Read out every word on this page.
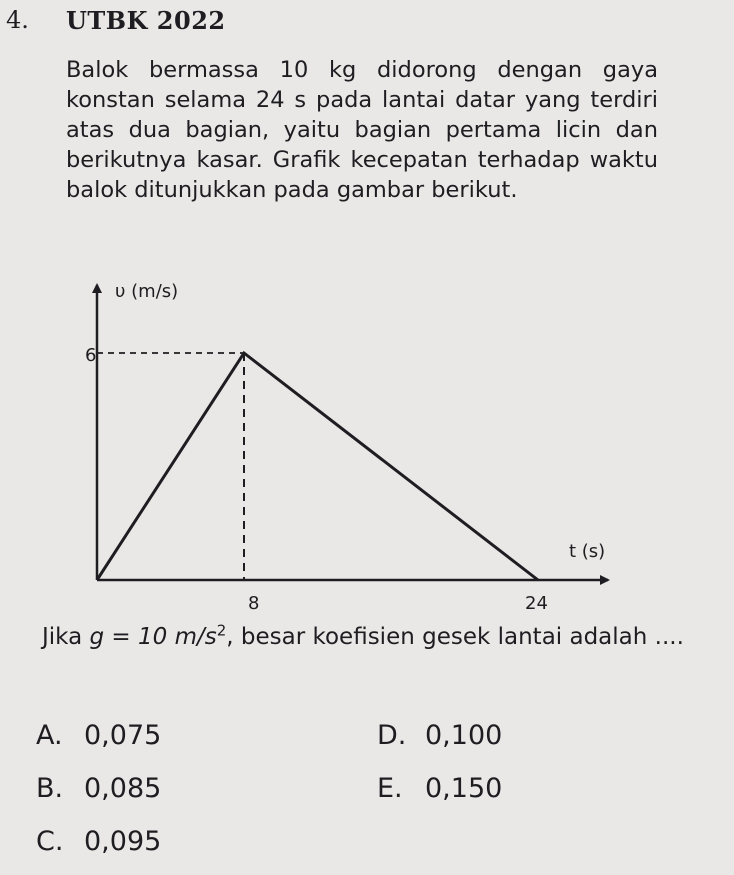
4. UTBK 2022

Balok bermassa 10 kg didorong dengan gaya konstan selama 24 s pada lantai datar yang terdiri atas dua bagian, yaitu bagian pertama licin dan berikutnya kasar. Grafik kecepatan terhadap waktu balok ditunjukkan pada gambar berikut.

υ (m/s)
t (s)
6
8	24

Jika g = 10 $m/s^2$, besar koefisien gesek lantai adalah ....

A. 0,075
B. 0,085
C. 0,095
D. 0,100
E. 0,150
